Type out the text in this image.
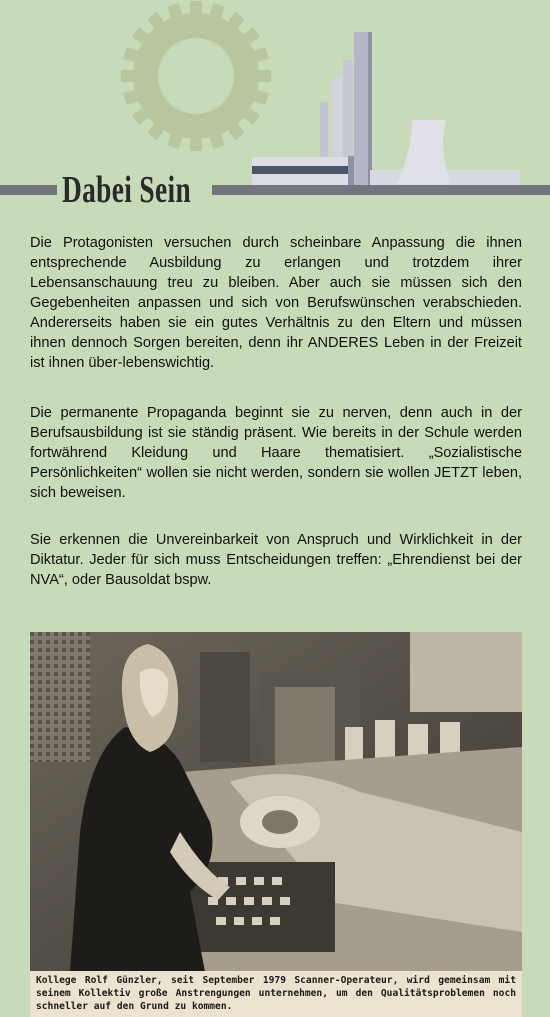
Dabei Sein

Die Protagonisten versuchen durch scheinbare Anpassung die ihnen entsprechende Ausbildung zu erlangen und trotzdem ihrer Lebensanschauung treu zu bleiben. Aber auch sie müssen sich den Gegebenheiten anpassen und sich von Berufswünschen verabschieden. Andererseits haben sie ein gutes Verhältnis zu den Eltern und müssen ihnen dennoch Sorgen bereiten, denn ihr ANDERES Leben in der Freizeit ist ihnen über-lebenswichtig.

Die permanente Propaganda beginnt sie zu nerven, denn auch in der Berufsausbildung ist sie ständig präsent. Wie bereits in der Schule werden fortwährend Kleidung und Haare thematisiert. „Sozialistische Persönlichkeiten“ wollen sie nicht werden, sondern sie wollen JETZT leben, sich beweisen.

Sie erkennen die Unvereinbarkeit von Anspruch und Wirklichkeit in der Diktatur. Jeder für sich muss Entscheidungen treffen: „Ehrendienst bei der NVA“, oder Bausoldat bspw.

Kollege Rolf Günzler, seit September 1979 Scanner-Operateur, wird gemeinsam mit seinem Kollektiv große Anstrengungen unternehmen, um den Qualitätsproblemen noch schneller auf den Grund zu kommen.
